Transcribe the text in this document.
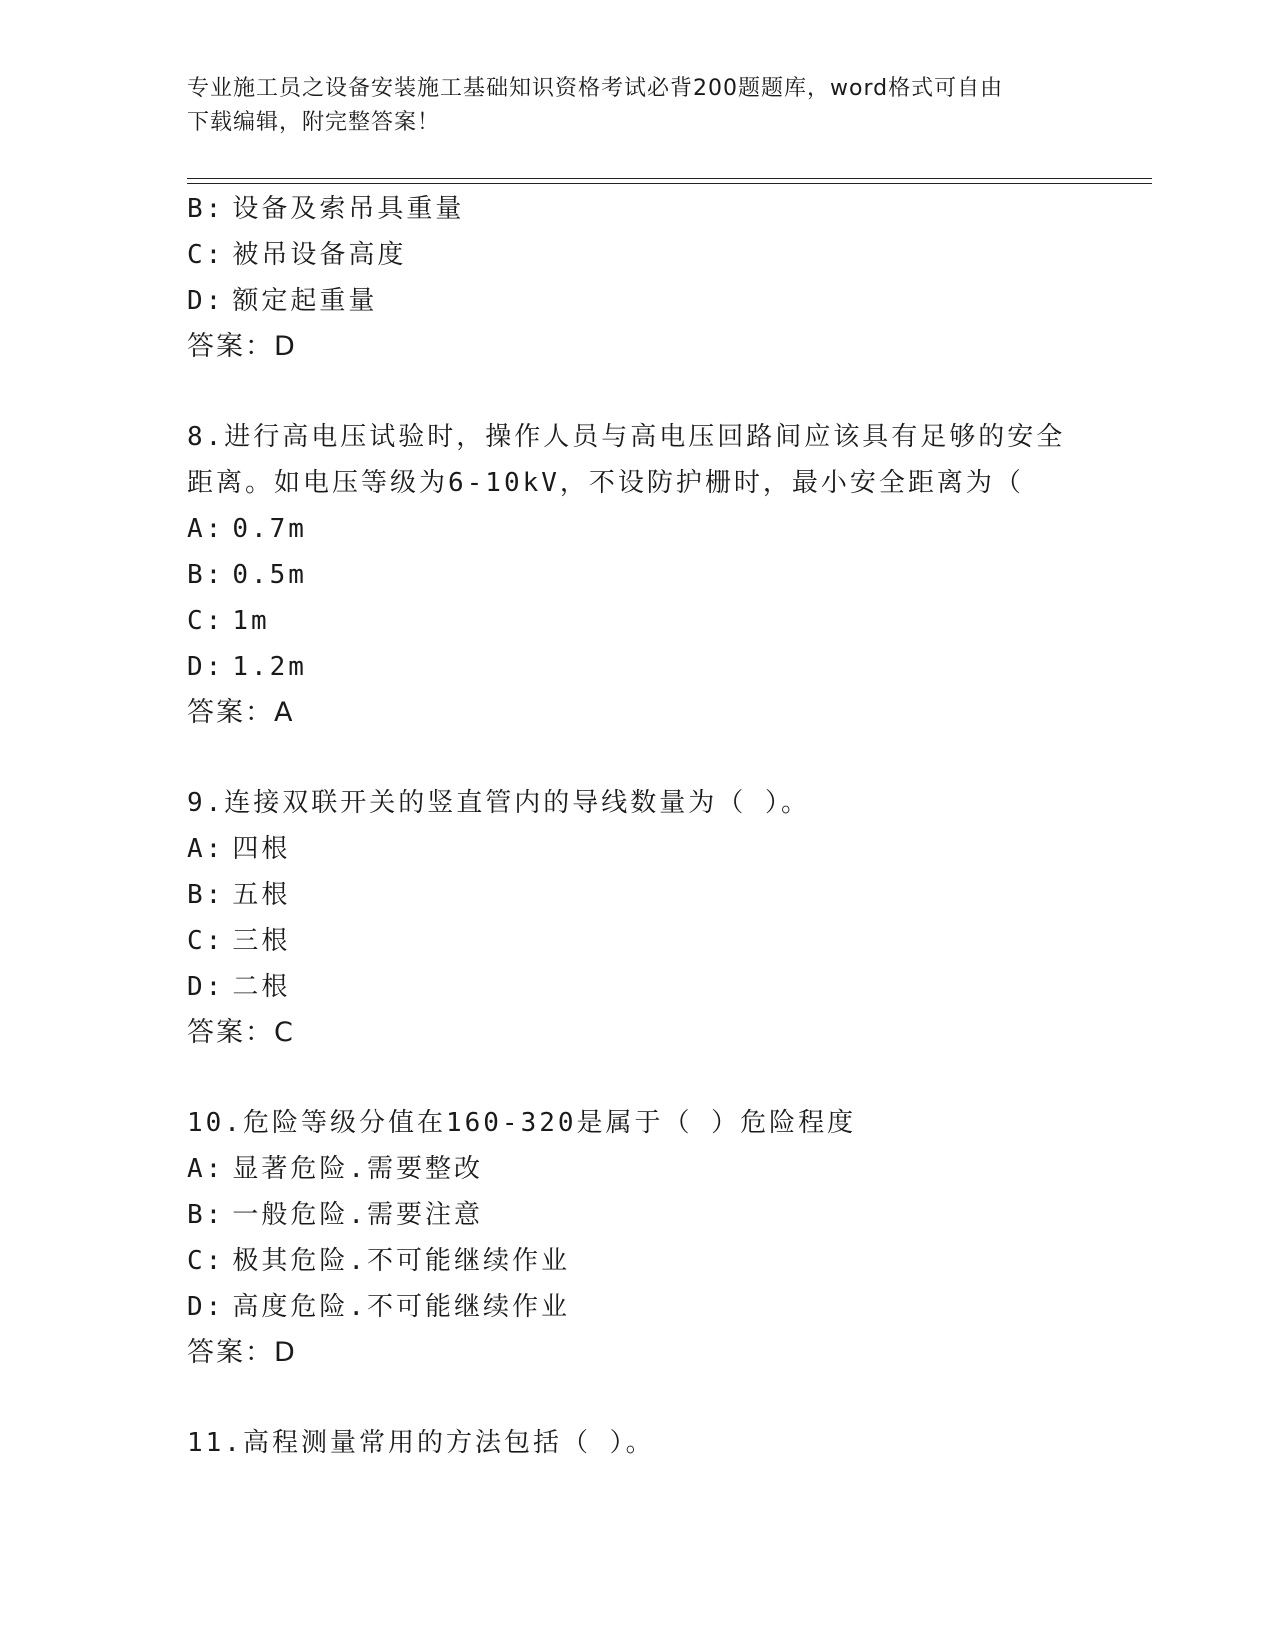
专业施工员之设备安装施工基础知识资格考试必背200题题库，word格式可自由
下载编辑，附完整答案！
B: 设备及索吊具重量
C: 被吊设备高度
D: 额定起重量
答案：D
8.进行高电压试验时，操作人员与高电压回路间应该具有足够的安全
距离。如电压等级为6-10kV，不设防护栅时，最小安全距离为（
A: 0.7m
B: 0.5m
C: 1m
D: 1.2m
答案：A
9.连接双联开关的竖直管内的导线数量为（ ）。
A: 四根
B: 五根
C: 三根
D: 二根
答案：C
10.危险等级分值在160-320是属于（ ）危险程度
A: 显著危险.需要整改
B: 一般危险.需要注意
C: 极其危险.不可能继续作业
D: 高度危险.不可能继续作业
答案：D
11.高程测量常用的方法包括（ ）。
